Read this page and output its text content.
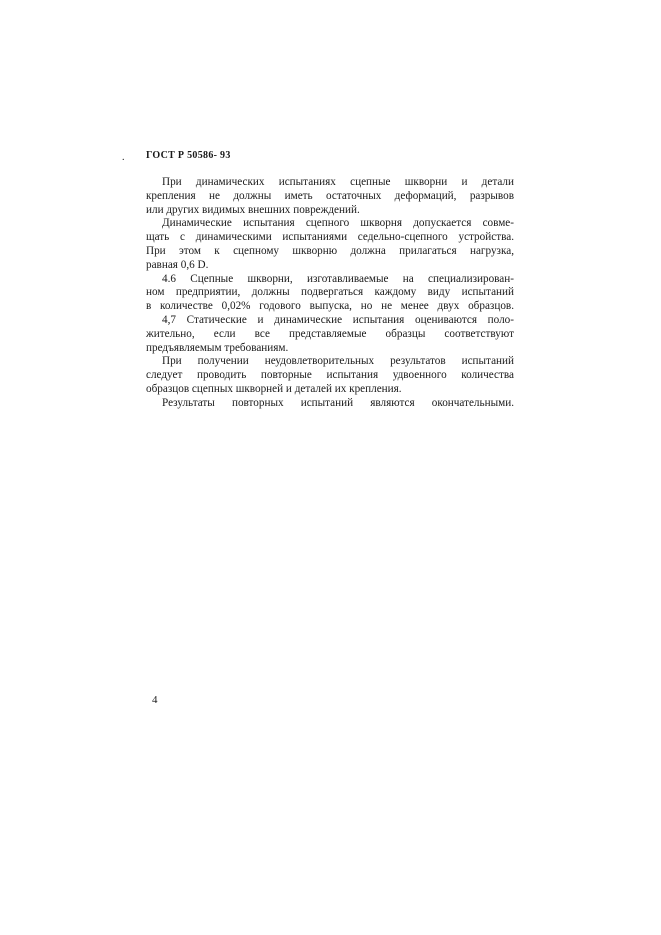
. ГОСТ Р 50586- 93
При динамических испытаниях сцепные шкворни и детали
крепления не должны иметь остаточных деформаций, разрывов
или других видимых внешних повреждений.
Динамические испытания сцепного шкворня допускается совме-
щать с динамическими испытаниями седельно-сцепного устройства.
При этом к сцепному шкворню должна прилагаться нагрузка,
равная 0,6 D.
4.6 Сцепные шкворни, изготавливаемые на специализирован-
ном предприятии, должны подвергаться каждому виду испытаний
в количестве 0,02% годового выпуска, но не менее двух образцов.
4,7 Статические и динамические испытания оцениваются поло-
жительно, если все представляемые образцы соответствуют
предъявляемым требованиям.
При получении неудовлетворительных результатов испытаний
следует проводить повторные испытания удвоенного количества
образцов сцепных шкворней и деталей их крепления.
Результаты повторных испытаний являются окончательными.
4
